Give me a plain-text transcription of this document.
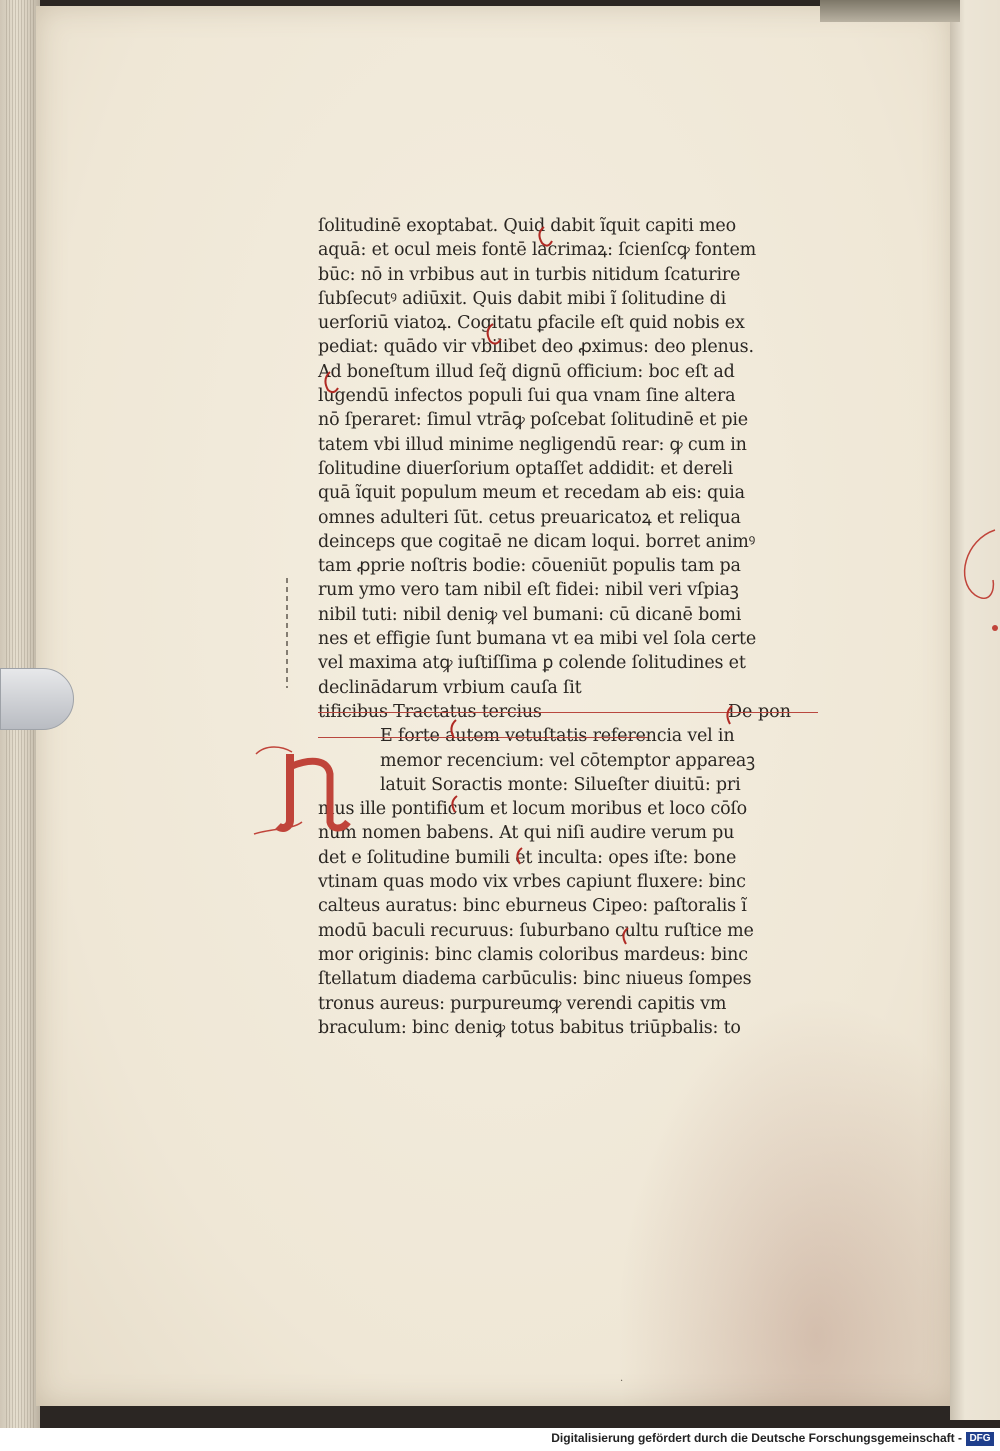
ſolitudinē exoptabat. Quid dabit ĩquit capiti meo
aquā: et ocul meis fontē lacrimaꝝ: ſcienſcꝙ fontem
būc: nō in vrbibus aut in turbis nitidum ſcaturire
ſubſecutꝰ adiūxit. Quis dabit mibi ĩ ſolitudine di
uerſoriū viatoꝝ. Cogitatu ꝑfacile eſt quid nobis ex
pediat: quādo vir vbilibet deo ꝓximus: deo plenus.
Ad boneſtum illud ſeq̃ dignū officium: boc eſt ad
lugendū infectos populi ſui qua vnam ſine altera
nō ſperaret: ſimul vtrāꝙ poſcebat ſolitudinē et pie
tatem vbi illud minime negligendū rear: ꝙ cum in
ſolitudine diuerſorium optaſſet addidit: et dereli
quā ĩquit populum meum et recedam ab eis: quia
omnes adulteri ſūt. cetus preuaricatoꝝ et reliqua
deinceps que cogitaē ne dicam loqui. borret animꝰ
tam ꝓprie noſtris bodie: cōueniūt populis tam pa
rum ymo vero tam nibil eſt fidei: nibil veri vſpiaꝫ
nibil tuti: nibil deniꝙ vel bumani: cū dicanē bomi
nes et effigie ſunt bumana vt ea mibi vel ſola certe
vel maxima atꝙ iuſtiſſima ꝑ colende ſolitudines et
declinādarum vrbium cauſa ſit
tificibus Tractatus tercius
E forte autem vetuſtatis referencia vel in
memor recencium: vel cōtemptor appareaꝫ
latuit Soractis monte: Silueſter diuitū: pri
mus ille pontificum et locum moribus et loco cōſo
num nomen babens. At qui niſi audire verum pu
det e ſolitudine bumili et inculta: opes iſte: bone
vtinam quas modo vix vrbes capiunt fluxere: binc
calteus auratus: binc eburneus Cipeo: paſtoralis ĩ
modū baculi recuruus: ſuburbano cultu ruſtice me
mor originis: binc clamis coloribus mardeus: binc
ſtellatum diadema carbūculis: binc niueus ſompes
tronus aureus: purpureumꝙ verendi capitis vm
braculum: binc deniꝙ totus babitus triūpbalis: to
De pon
N
·
Digitalisierung gefördert durch die Deutsche Forschungsgemeinschaft - DFG
